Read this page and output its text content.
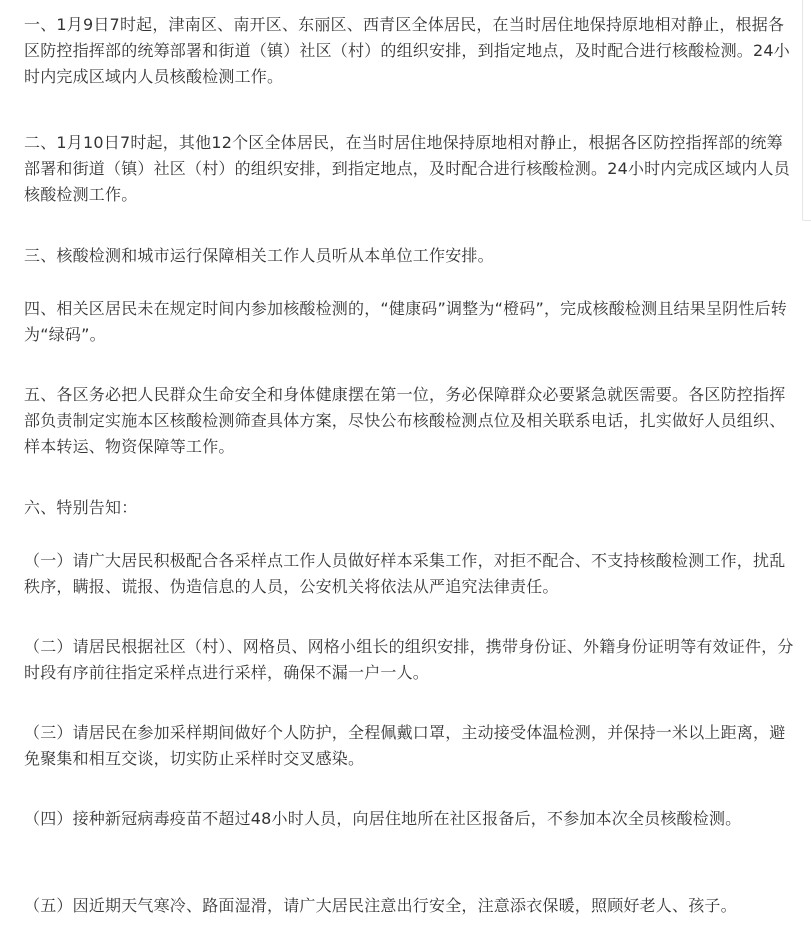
一、1月9日7时起，津南区、南开区、东丽区、西青区全体居民，在当时居住地保持原地相对静止，根据各区防控指挥部的统筹部署和街道（镇）社区（村）的组织安排，到指定地点，及时配合进行核酸检测。24小时内完成区域内人员核酸检测工作。

二、1月10日7时起，其他12个区全体居民，在当时居住地保持原地相对静止，根据各区防控指挥部的统筹部署和街道（镇）社区（村）的组织安排，到指定地点，及时配合进行核酸检测。24小时内完成区域内人员核酸检测工作。

三、核酸检测和城市运行保障相关工作人员听从本单位工作安排。

四、相关区居民未在规定时间内参加核酸检测的，“健康码”调整为“橙码”，完成核酸检测且结果呈阴性后转为“绿码”。

五、各区务必把人民群众生命安全和身体健康摆在第一位，务必保障群众必要紧急就医需要。各区防控指挥部负责制定实施本区核酸检测筛查具体方案，尽快公布核酸检测点位及相关联系电话，扎实做好人员组织、样本转运、物资保障等工作。

六、特别告知：

（一）请广大居民积极配合各采样点工作人员做好样本采集工作，对拒不配合、不支持核酸检测工作，扰乱秩序，瞒报、谎报、伪造信息的人员，公安机关将依法从严追究法律责任。

（二）请居民根据社区（村）、网格员、网格小组长的组织安排，携带身份证、外籍身份证明等有效证件，分时段有序前往指定采样点进行采样，确保不漏一户一人。

（三）请居民在参加采样期间做好个人防护，全程佩戴口罩，主动接受体温检测，并保持一米以上距离，避免聚集和相互交谈，切实防止采样时交叉感染。

（四）接种新冠病毒疫苗不超过48小时人员，向居住地所在社区报备后，不参加本次全员核酸检测。

（五）因近期天气寒冷、路面湿滑，请广大居民注意出行安全，注意添衣保暖，照顾好老人、孩子。
